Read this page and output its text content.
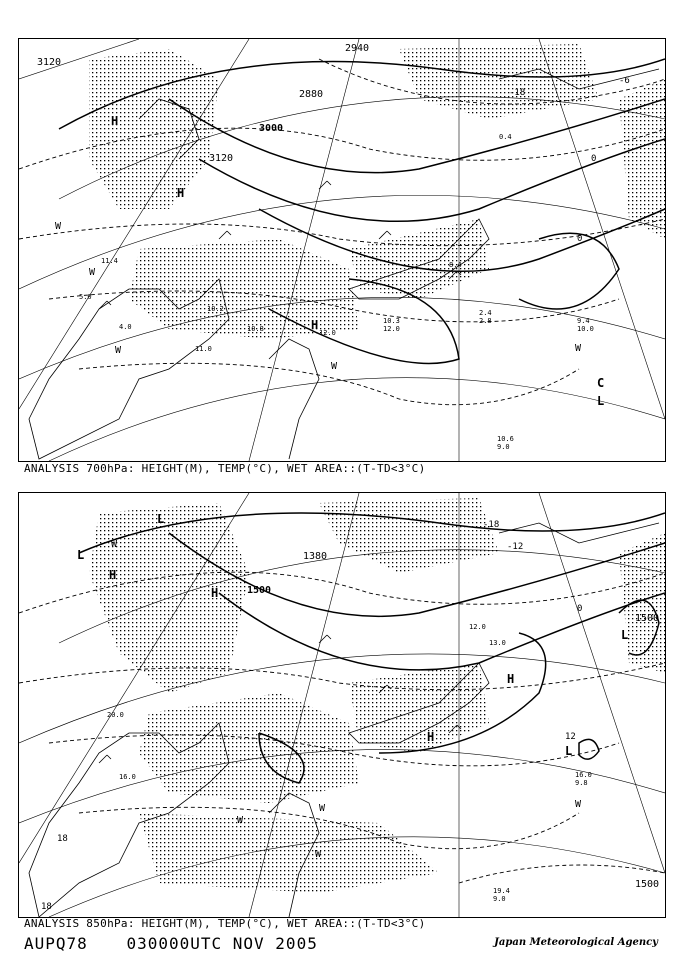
3120
2940
2880
3000
3120
H
H
H
C
L
W
W
W
W
W
-18
-6
0
0
5.0
2.4
2.8
4.0
0.4
9.4
10.0
10.6
9.0
12.0
10.2
11.0
10.3
12.0
10.8
11.4	8.4
ANALYSIS 700hPa: HEIGHT(M), TEMP(°C), WET AREA::(T-TD<3°C)
1500
1380
1500
1500
L
L
H
H
H
H
L
L
W
W
W
W
W
-18
-12
0
12
18
18
12.0
13.0
16.0
9.8
19.4
9.0
20.0
16.0
ANALYSIS 850hPa: HEIGHT(M), TEMP(°C), WET AREA::(T-TD<3°C)
AUPQ78 030000UTC NOV 2005	Japan Meteorological Agency
